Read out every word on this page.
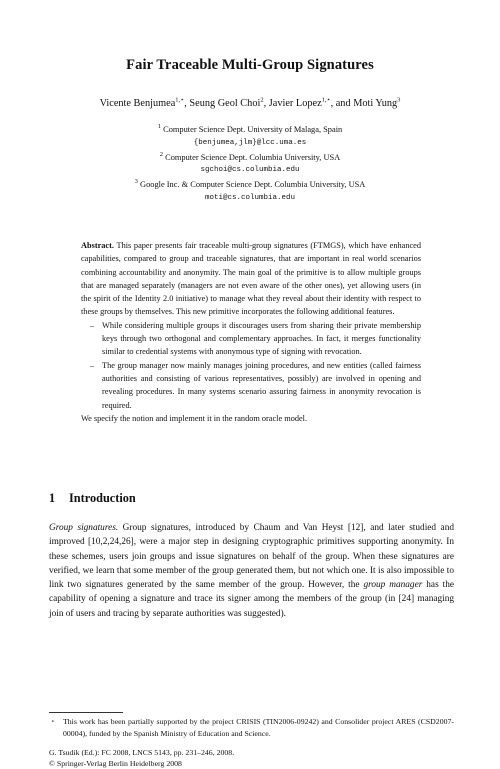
Fair Traceable Multi-Group Signatures
Vicente Benjumea$^{1,⋆}$, Seung Geol Choi$^2$, Javier Lopez$^{1,⋆}$, and Moti Yung$^3$
$^1$ Computer Science Dept. University of Malaga, Spain
{benjumea,jlm}@lcc.uma.es
$^2$ Computer Science Dept. Columbia University, USA
sgchoi@cs.columbia.edu
$^3$ Google Inc. & Computer Science Dept. Columbia University, USA
moti@cs.columbia.edu
Abstract. This paper presents fair traceable multi-group signatures (FTMGS), which have enhanced capabilities, compared to group and traceable signatures, that are important in real world scenarios combining accountability and anonymity. The main goal of the primitive is to allow multiple groups that are managed separately (managers are not even aware of the other ones), yet allowing users (in the spirit of the Identity 2.0 initiative) to manage what they reveal about their identity with respect to these groups by themselves. This new primitive incorporates the following additional features.
– While considering multiple groups it discourages users from sharing their private membership keys through two orthogonal and complementary approaches. In fact, it merges functionality similar to credential systems with anonymous type of signing with revocation.
– The group manager now mainly manages joining procedures, and new entities (called fairness authorities and consisting of various representatives, possibly) are involved in opening and revealing procedures. In many systems scenario assuring fairness in anonymity revocation is required.
We specify the notion and implement it in the random oracle model.
1 Introduction
Group signatures. Group signatures, introduced by Chaum and Van Heyst [12], and later studied and improved [10,2,24,26], were a major step in designing cryptographic primitives supporting anonymity. In these schemes, users join groups and issue signatures on behalf of the group. When these signatures are verified, we learn that some member of the group generated them, but not which one. It is also impossible to link two signatures generated by the same member of the group. However, the group manager has the capability of opening a signature and trace its signer among the members of the group (in [24] managing join of users and tracing by separate authorities was suggested).
⋆	This work has been partially supported by the project CRISIS (TIN2006-09242) and Consolider project ARES (CSD2007-00004), funded by the Spanish Ministry of Education and Science.
G. Tsudik (Ed.): FC 2008, LNCS 5143, pp. 231–246, 2008.
© Springer-Verlag Berlin Heidelberg 2008
